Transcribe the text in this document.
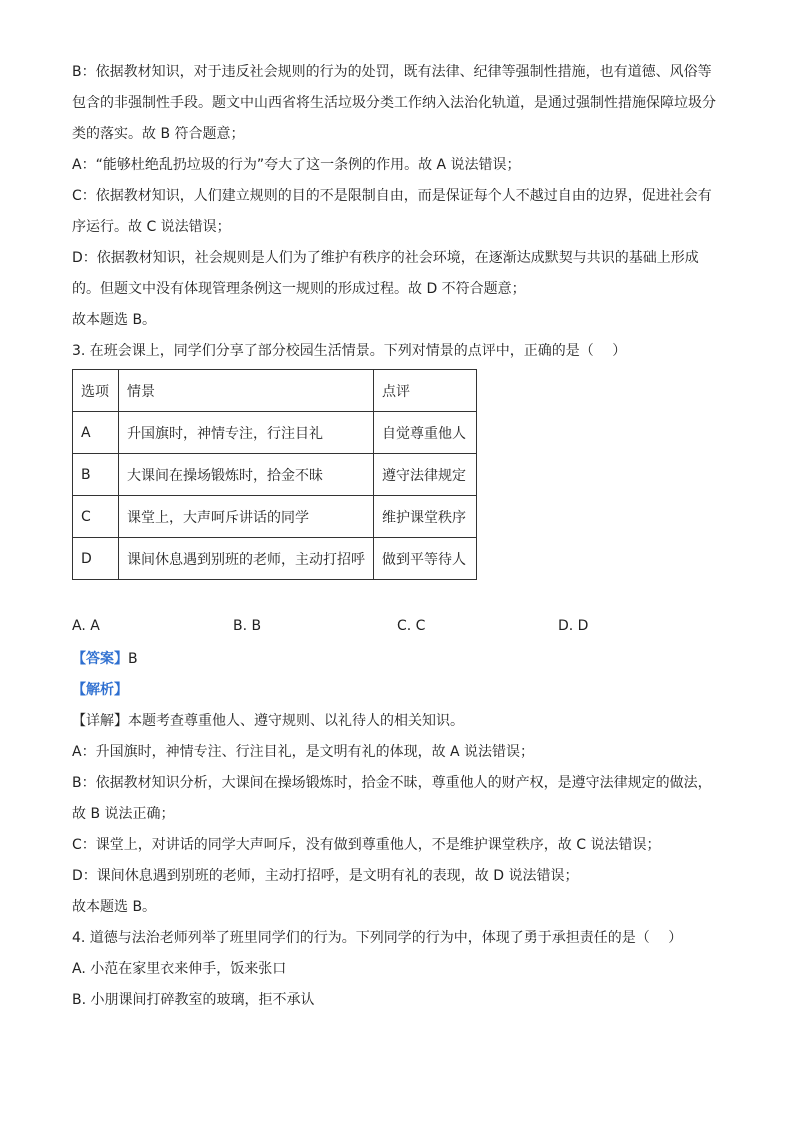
B：依据教材知识，对于违反社会规则的行为的处罚，既有法律、纪律等强制性措施，也有道德、风俗等

包含的非强制性手段。题文中山西省将生活垃圾分类工作纳入法治化轨道，是通过强制性措施保障垃圾分

类的落实。故 B 符合题意；

A：“能够杜绝乱扔垃圾的行为”夸大了这一条例的作用。故 A 说法错误；

C：依据教材知识，人们建立规则的目的不是限制自由，而是保证每个人不越过自由的边界，促进社会有

序运行。故 C 说法错误；

D：依据教材知识，社会规则是人们为了维护有秩序的社会环境，在逐渐达成默契与共识的基础上形成

的。但题文中没有体现管理条例这一规则的形成过程。故 D 不符合题意；

故本题选 B。

3. 在班会课上，同学们分享了部分校园生活情景。下列对情景的点评中，正确的是（　 ）

选项	情景	点评
A	升国旗时，神情专注，行注目礼	自觉尊重他人
B	大课间在操场锻炼时，拾金不昧	遵守法律规定
C	课堂上，大声呵斥讲话的同学	维护课堂秩序
D	课间休息遇到别班的老师，主动打招呼	做到平等待人
A. A	B. B	C. C	D. D

【答案】B

【解析】

【详解】本题考查尊重他人、遵守规则、以礼待人的相关知识。

A：升国旗时，神情专注、行注目礼，是文明有礼的体现，故 A 说法错误；

B：依据教材知识分析，大课间在操场锻炼时，拾金不昧，尊重他人的财产权，是遵守法律规定的做法，

故 B 说法正确；

C：课堂上，对讲话的同学大声呵斥，没有做到尊重他人，不是维护课堂秩序，故 C 说法错误；

D：课间休息遇到别班的老师，主动打招呼，是文明有礼的表现，故 D 说法错误；

故本题选 B。

4. 道德与法治老师列举了班里同学们的行为。下列同学的行为中，体现了勇于承担责任的是（　 ）

A. 小范在家里衣来伸手，饭来张口

B. 小朋课间打碎教室的玻璃，拒不承认
